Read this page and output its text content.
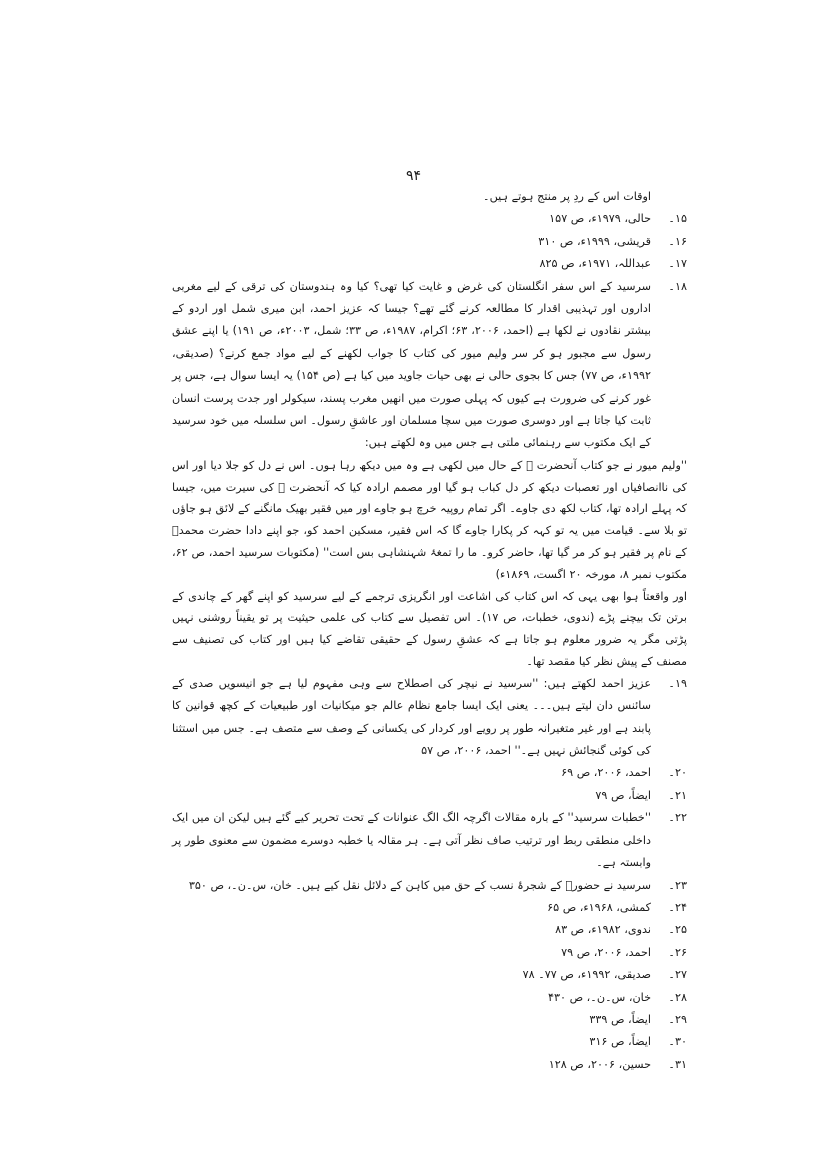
۹۴

اوقات اس کے ردِ پر منتج ہوتے ہیں۔

۱۵۔
حالی، ۱۹۷۹ء، ص ۱۵۷
۱۶۔
قریشی، ۱۹۹۹ء، ص ۳۱۰
۱۷۔
عبداللہ، ۱۹۷۱ء، ص ۸۲۵
۱۸۔
سرسید کے اس سفر انگلستان کی غرض و غایت کیا تھی؟ کیا وہ ہندوستان کی ترقی کے لیے مغربی اداروں اور تہذیبی اقدار کا مطالعہ کرنے گئے تھے؟ جیسا کہ عزیز احمد، ابن میری شمل اور اردو کے بیشتر نقادوں نے لکھا ہے (احمد، ۲۰۰۶، ۶۳؛ اکرام، ۱۹۸۷ء، ص ۳۳؛ شمل، ۲۰۰۳ء، ص ۱۹۱) یا اپنے عشق رسول سے مجبور ہو کر سر ولیم میور کی کتاب کا جواب لکھنے کے لیے مواد جمع کرنے؟ (صدیقی، ۱۹۹۲ء، ص ۷۷) جس کا بجوی حالی نے بھی حیات جاوید میں کیا ہے (ص ۱۵۴) یہ ایسا سوال ہے، جس پر غور کرنے کی ضرورت ہے کیوں کہ پہلی صورت میں انھیں مغرب پسند، سیکولر اور جدت پرست انسان ثابت کیا جاتا ہے اور دوسری صورت میں سچا مسلمان اور عاشقِ رسول۔ اس سلسلہ میں خود سرسید کے ایک مکتوب سے رہنمائی ملتی ہے جس میں وہ لکھتے ہیں:

''ولیم میور نے جو کتاب آنحضرت ؐ کے حال میں لکھی ہے وہ میں دیکھ رہا ہوں۔ اس نے دل کو جلا دیا اور اس کی ناانصافیاں اور تعصبات دیکھ کر دل کباب ہو گیا اور مصمم ارادہ کیا کہ آنحضرت ﷺ کی سیرت میں، جیسا کہ پہلے ارادہ تھا، کتاب لکھ دی جاوے۔ اگر تمام روپیہ خرچ ہو جاوے اور میں فقیر بھیک مانگنے کے لائق ہو جاؤں تو بلا سے۔ قیامت میں یہ تو کہہ کر پکارا جاوے گا کہ اس فقیر، مسکین احمد کو، جو اپنے دادا حضرت محمدؐ کے نام پر فقیر ہو کر مر گیا تھا، حاضر کرو۔ ما را تمغۂ شہنشاہی بس است'' (مکتوبات سرسید احمد، ص ۶۲، مکتوب نمبر ۸، مورخہ ۲۰ اگست، ۱۸۶۹ء)

اور واقعتاً ہوا بھی یہی کہ اس کتاب کی اشاعت اور انگریزی ترجمے کے لیے سرسید کو اپنے گھر کے چاندی کے برتن تک بیچنے پڑے (ندوی، خطبات، ص ۱۷)۔ اس تفصیل سے کتاب کی علمی حیثیت پر تو یقیناً روشنی نہیں پڑتی مگر یہ ضرور معلوم ہو جاتا ہے کہ عشقِ رسول کے حقیقی تقاضے کیا ہیں اور کتاب کی تصنیف سے مصنف کے پیش نظر کیا مقصد تھا۔

۱۹۔
عزیز احمد لکھتے ہیں: ''سرسید نے نیچر کی اصطلاح سے وہی مفہوم لیا ہے جو انیسویں صدی کے سائنس دان لیتے ہیں۔۔۔ یعنی ایک ایسا جامع نظام عالم جو میکانیات اور طبیعیات کے کچھ قوانین کا پابند ہے اور غیر متغیرانہ طور پر رویے اور کردار کی یکسانی کے وصف سے متصف ہے۔ جس میں استثنا کی کوئی گنجائش نہیں ہے۔'' احمد، ۲۰۰۶، ص ۵۷
۲۰۔
احمد، ۲۰۰۶، ص ۶۹
۲۱۔
ایضاً، ص ۷۹
۲۲۔
''خطبات سرسید'' کے بارہ مقالات اگرچہ الگ الگ عنوانات کے تحت تحریر کیے گئے ہیں لیکن ان میں ایک داخلی منطقی ربط اور ترتیب صاف نظر آتی ہے۔ ہر مقالہ یا خطبہ دوسرے مضمون سے معنوی طور پر وابستہ ہے۔
۲۳۔
سرسید نے حضورؐ کے شجرۂ نسب کے حق میں کاہن کے دلائل نقل کیے ہیں۔ خان، س۔ن۔، ص ۳۵۰
۲۴۔
کمشی، ۱۹۶۸ء، ص ۶۵
۲۵۔
ندوی، ۱۹۸۲ء، ص ۸۳
۲۶۔
احمد، ۲۰۰۶، ص ۷۹
۲۷۔
صدیقی، ۱۹۹۲ء، ص ۷۷۔ ۷۸
۲۸۔
خان، س۔ن۔، ص ۴۳۰
۲۹۔
ایضاً، ص ۳۳۹
۳۰۔
ایضاً، ص ۳۱۶
۳۱۔
حسین، ۲۰۰۶، ص ۱۲۸
